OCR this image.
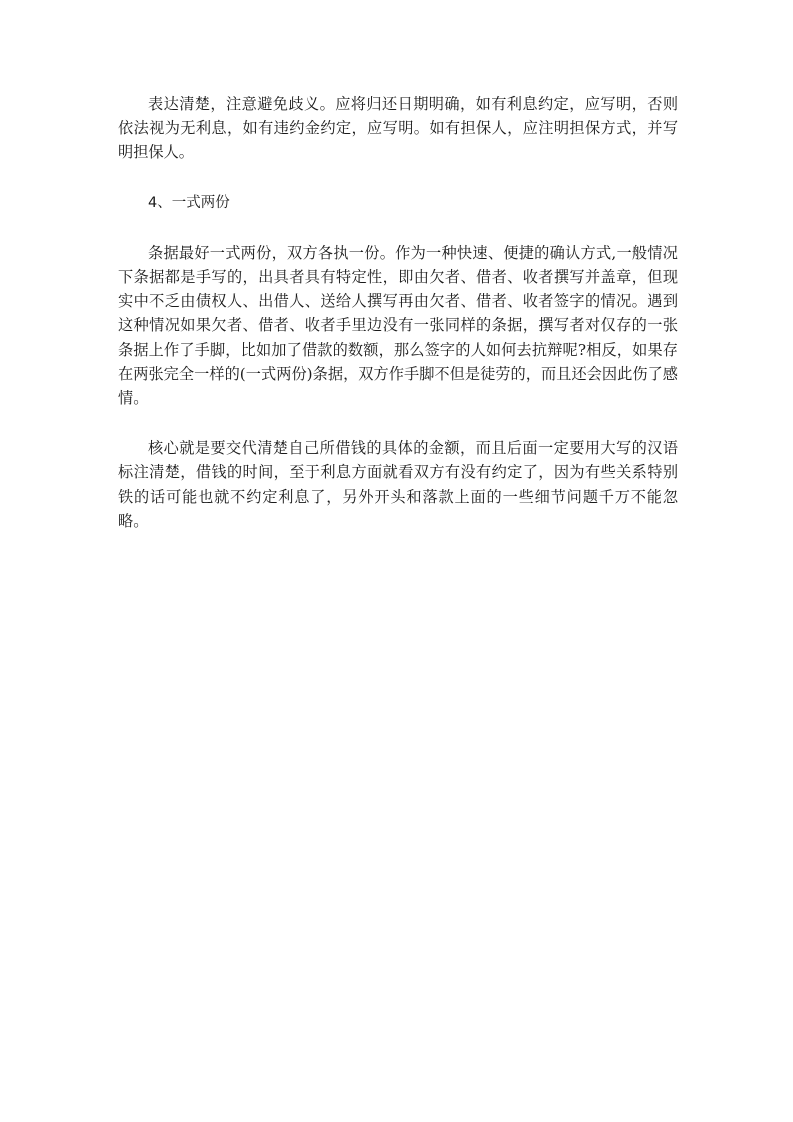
表达清楚，注意避免歧义。应将归还日期明确，如有利息约定，应写明，否则依法视为无利息，如有违约金约定，应写明。如有担保人，应注明担保方式，并写明担保人。

4、一式两份

条据最好一式两份，双方各执一份。作为一种快速、便捷的确认方式,一般情况下条据都是手写的，出具者具有特定性，即由欠者、借者、收者撰写并盖章，但现实中不乏由债权人、出借人、送给人撰写再由欠者、借者、收者签字的情况。遇到这种情况如果欠者、借者、收者手里边没有一张同样的条据，撰写者对仅存的一张条据上作了手脚，比如加了借款的数额，那么签字的人如何去抗辩呢?相反，如果存在两张完全一样的(一式两份)条据，双方作手脚不但是徒劳的，而且还会因此伤了感情。

核心就是要交代清楚自己所借钱的具体的金额，而且后面一定要用大写的汉语标注清楚，借钱的时间，至于利息方面就看双方有没有约定了，因为有些关系特别铁的话可能也就不约定利息了，另外开头和落款上面的一些细节问题千万不能忽略。
